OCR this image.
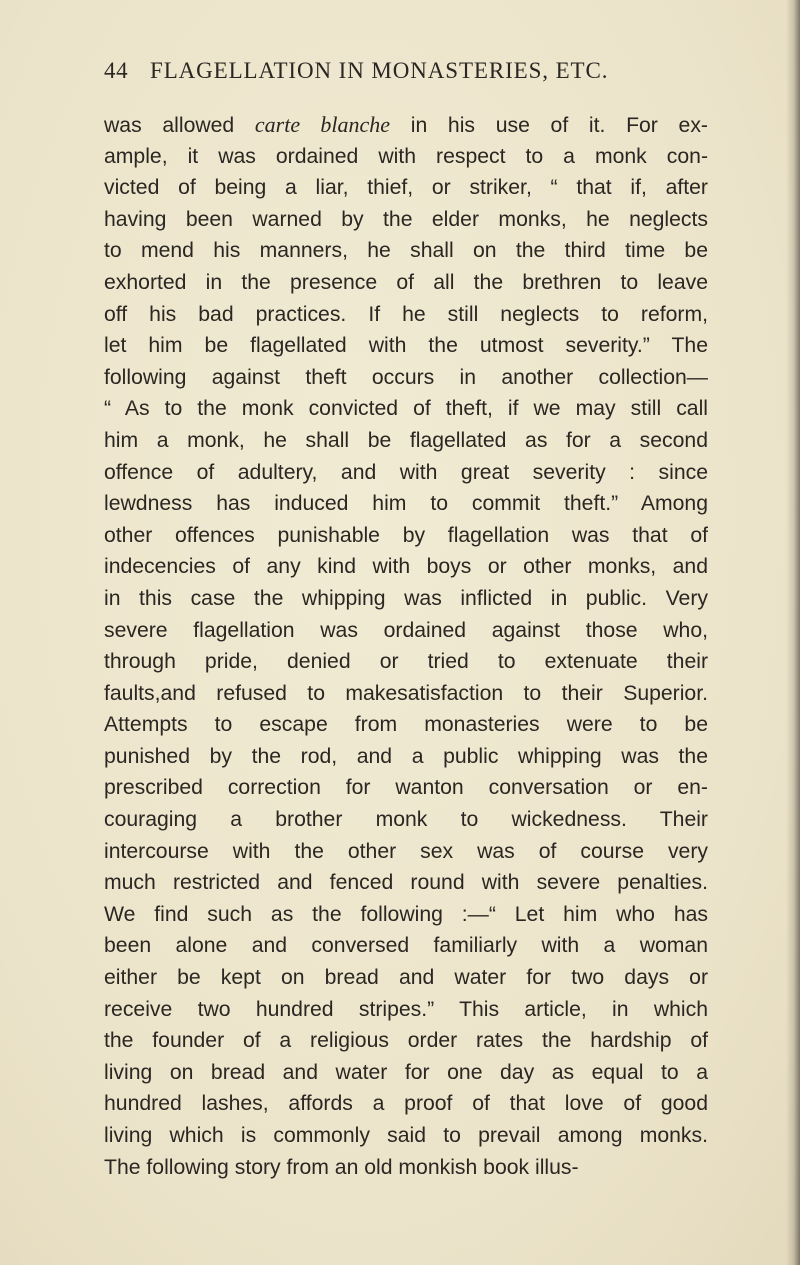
44 FLAGELLATION IN MONASTERIES, ETC.
was allowed carte blanche in his use of it. For ex-
ample, it was ordained with respect to a monk con-
victed of being a liar, thief, or striker, “ that if, after
having been warned by the elder monks, he neglects
to mend his manners, he shall on the third time be
exhorted in the presence of all the brethren to leave
off his bad practices. If he still neglects to reform,
let him be flagellated with the utmost severity.” The
following against theft occurs in another collection—
“ As to the monk convicted of theft, if we may still call
him a monk, he shall be flagellated as for a second
offence of adultery, and with great severity : since
lewdness has induced him to commit theft.” Among
other offences punishable by flagellation was that of
indecencies of any kind with boys or other monks, and
in this case the whipping was inflicted in public. Very
severe flagellation was ordained against those who,
through pride, denied or tried to extenuate their
faults,and refused to makesatisfaction to their Superior.
Attempts to escape from monasteries were to be
punished by the rod, and a public whipping was the
prescribed correction for wanton conversation or en-
couraging a brother monk to wickedness. Their
intercourse with the other sex was of course very
much restricted and fenced round with severe penalties.
We find such as the following :—“ Let him who has
been alone and conversed familiarly with a woman
either be kept on bread and water for two days or
receive two hundred stripes.” This article, in which
the founder of a religious order rates the hardship of
living on bread and water for one day as equal to a
hundred lashes, affords a proof of that love of good
living which is commonly said to prevail among monks.
The following story from an old monkish book illus-
